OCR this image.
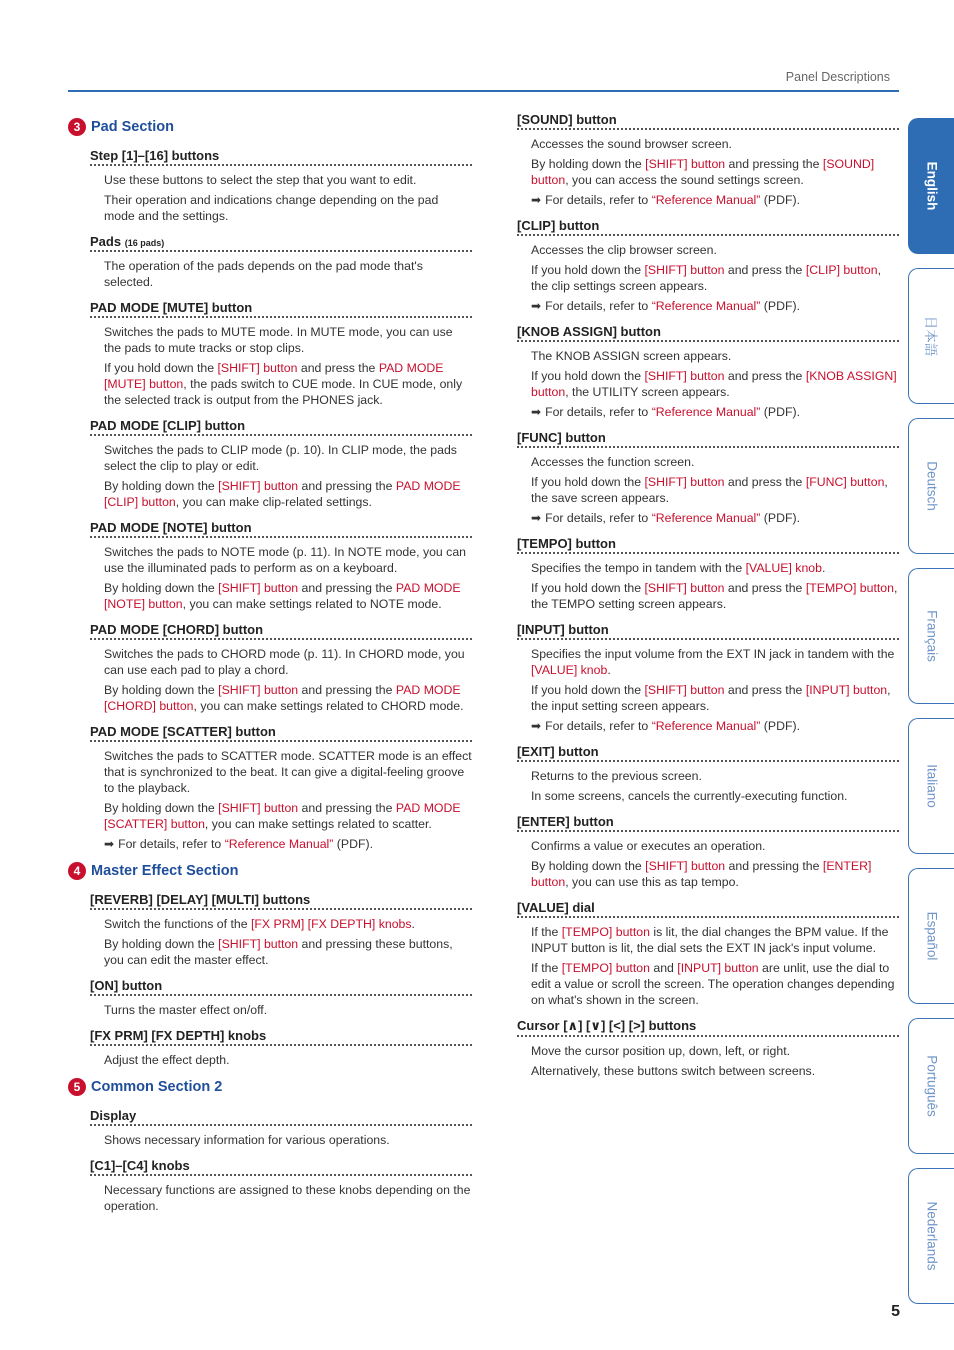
Panel Descriptions
3 Pad Section
Step [1]–[16] buttons
Use these buttons to select the step that you want to edit.
Their operation and indications change depending on the pad mode and the settings.
Pads (16 pads)
The operation of the pads depends on the pad mode that's selected.
PAD MODE [MUTE] button
Switches the pads to MUTE mode. In MUTE mode, you can use the pads to mute tracks or stop clips.
If you hold down the [SHIFT] button and press the PAD MODE [MUTE] button, the pads switch to CUE mode. In CUE mode, only the selected track is output from the PHONES jack.
PAD MODE [CLIP] button
Switches the pads to CLIP mode (p. 10). In CLIP mode, the pads select the clip to play or edit.
By holding down the [SHIFT] button and pressing the PAD MODE [CLIP] button, you can make clip-related settings.
PAD MODE [NOTE] button
Switches the pads to NOTE mode (p. 11). In NOTE mode, you can use the illuminated pads to perform as on a keyboard.
By holding down the [SHIFT] button and pressing the PAD MODE [NOTE] button, you can make settings related to NOTE mode.
PAD MODE [CHORD] button
Switches the pads to CHORD mode (p. 11). In CHORD mode, you can use each pad to play a chord.
By holding down the [SHIFT] button and pressing the PAD MODE [CHORD] button, you can make settings related to CHORD mode.
PAD MODE [SCATTER] button
Switches the pads to SCATTER mode. SCATTER mode is an effect that is synchronized to the beat. It can give a digital-feeling groove to the playback.
By holding down the [SHIFT] button and pressing the PAD MODE [SCATTER] button, you can make settings related to scatter.
➡ For details, refer to “Reference Manual” (PDF).
4 Master Effect Section
[REVERB] [DELAY] [MULTI] buttons
Switch the functions of the [FX PRM] [FX DEPTH] knobs.
By holding down the [SHIFT] button and pressing these buttons, you can edit the master effect.
[ON] button
Turns the master effect on/off.
[FX PRM] [FX DEPTH] knobs
Adjust the effect depth.
5 Common Section 2
Display
Shows necessary information for various operations.
[C1]–[C4] knobs
Necessary functions are assigned to these knobs depending on the operation.
[SOUND] button
Accesses the sound browser screen.
By holding down the [SHIFT] button and pressing the [SOUND] button, you can access the sound settings screen.
➡ For details, refer to “Reference Manual” (PDF).
[CLIP] button
Accesses the clip browser screen.
If you hold down the [SHIFT] button and press the [CLIP] button, the clip settings screen appears.
➡ For details, refer to “Reference Manual” (PDF).
[KNOB ASSIGN] button
The KNOB ASSIGN screen appears.
If you hold down the [SHIFT] button and press the [KNOB ASSIGN] button, the UTILITY screen appears.
➡ For details, refer to “Reference Manual” (PDF).
[FUNC] button
Accesses the function screen.
If you hold down the [SHIFT] button and press the [FUNC] button, the save screen appears.
➡ For details, refer to “Reference Manual” (PDF).
[TEMPO] button
Specifies the tempo in tandem with the [VALUE] knob.
If you hold down the [SHIFT] button and press the [TEMPO] button, the TEMPO setting screen appears.
[INPUT] button
Specifies the input volume from the EXT IN jack in tandem with the [VALUE] knob.
If you hold down the [SHIFT] button and press the [INPUT] button, the input setting screen appears.
➡ For details, refer to “Reference Manual” (PDF).
[EXIT] button
Returns to the previous screen.
In some screens, cancels the currently-executing function.
[ENTER] button
Confirms a value or executes an operation.
By holding down the [SHIFT] button and pressing the [ENTER] button, you can use this as tap tempo.
[VALUE] dial
If the [TEMPO] button is lit, the dial changes the BPM value. If the INPUT button is lit, the dial sets the EXT IN jack's input volume.
If the [TEMPO] button and [INPUT] button are unlit, use the dial to edit a value or scroll the screen. The operation changes depending on what's shown in the screen.
Cursor [∧] [∨] [<] [>] buttons
Move the cursor position up, down, left, or right.
Alternatively, these buttons switch between screens.
English
日本語
Deutsch
Français
Italiano
Español
Português
Nederlands
5
